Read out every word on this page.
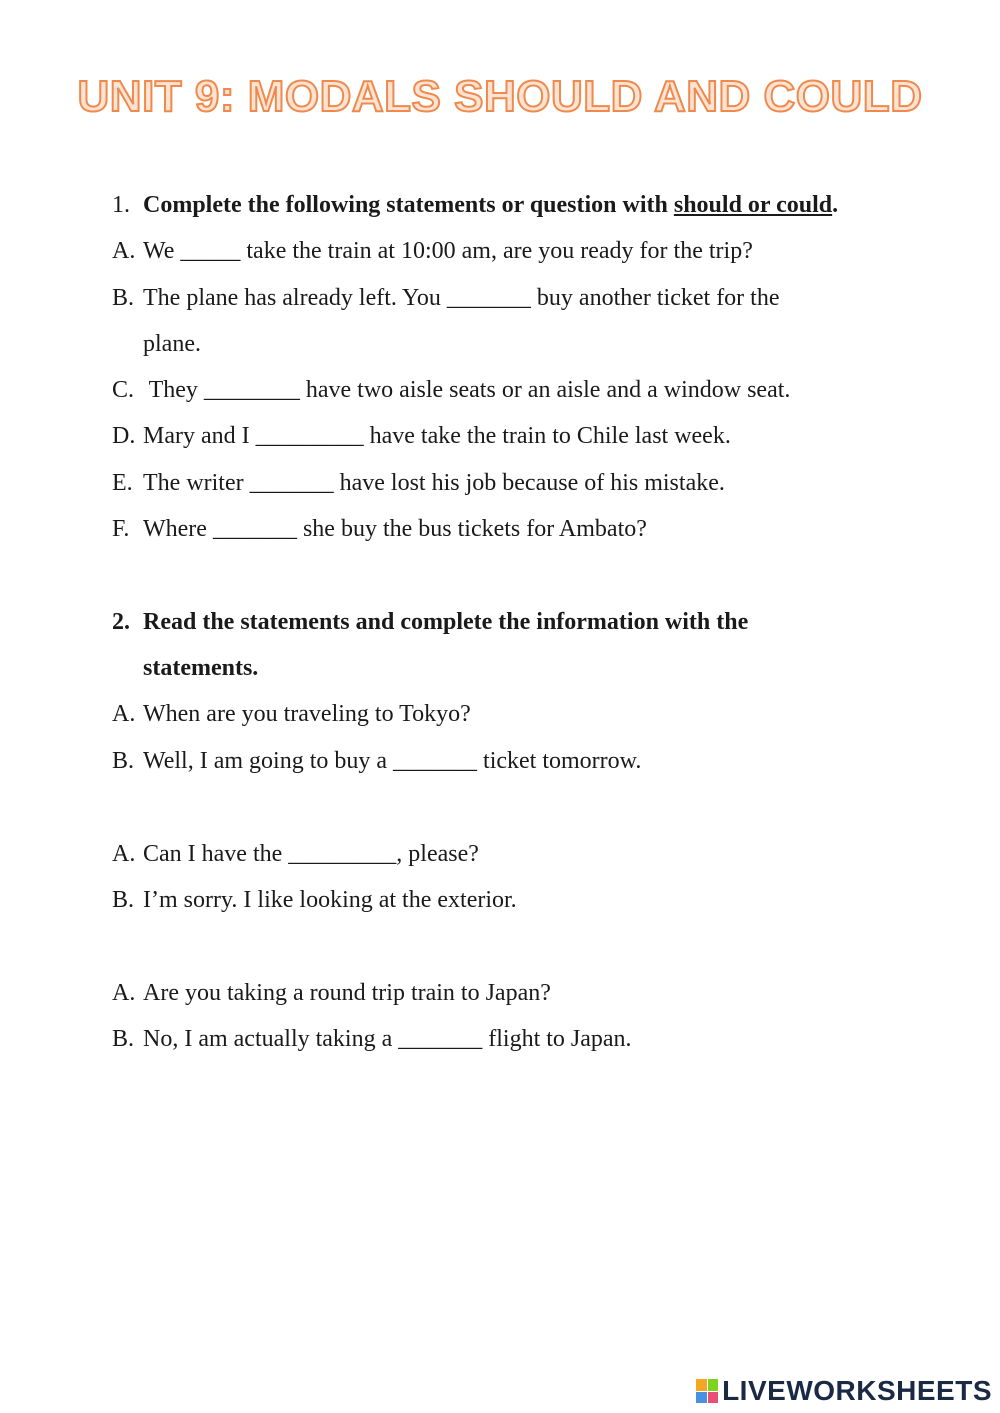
UNIT 9: MODALS SHOULD AND COULD
1. Complete the following statements or question with should or could.
A. We _____ take the train at 10:00 am, are you ready for the trip?
B. The plane has already left. You _______ buy another ticket for the
plane.
C. They ________ have two aisle seats or an aisle and a window seat.
D. Mary and I _________ have take the train to Chile last week.
E. The writer _______ have lost his job because of his mistake.
F. Where _______ she buy the bus tickets for Ambato?
2. Read the statements and complete the information with the
statements.
A. When are you traveling to Tokyo?
B. Well, I am going to buy a _______ ticket tomorrow.
A. Can I have the _________, please?
B. I’m sorry. I like looking at the exterior.
A. Are you taking a round trip train to Japan?
B. No, I am actually taking a _______ flight to Japan.
LIVEWORKSHEETS
